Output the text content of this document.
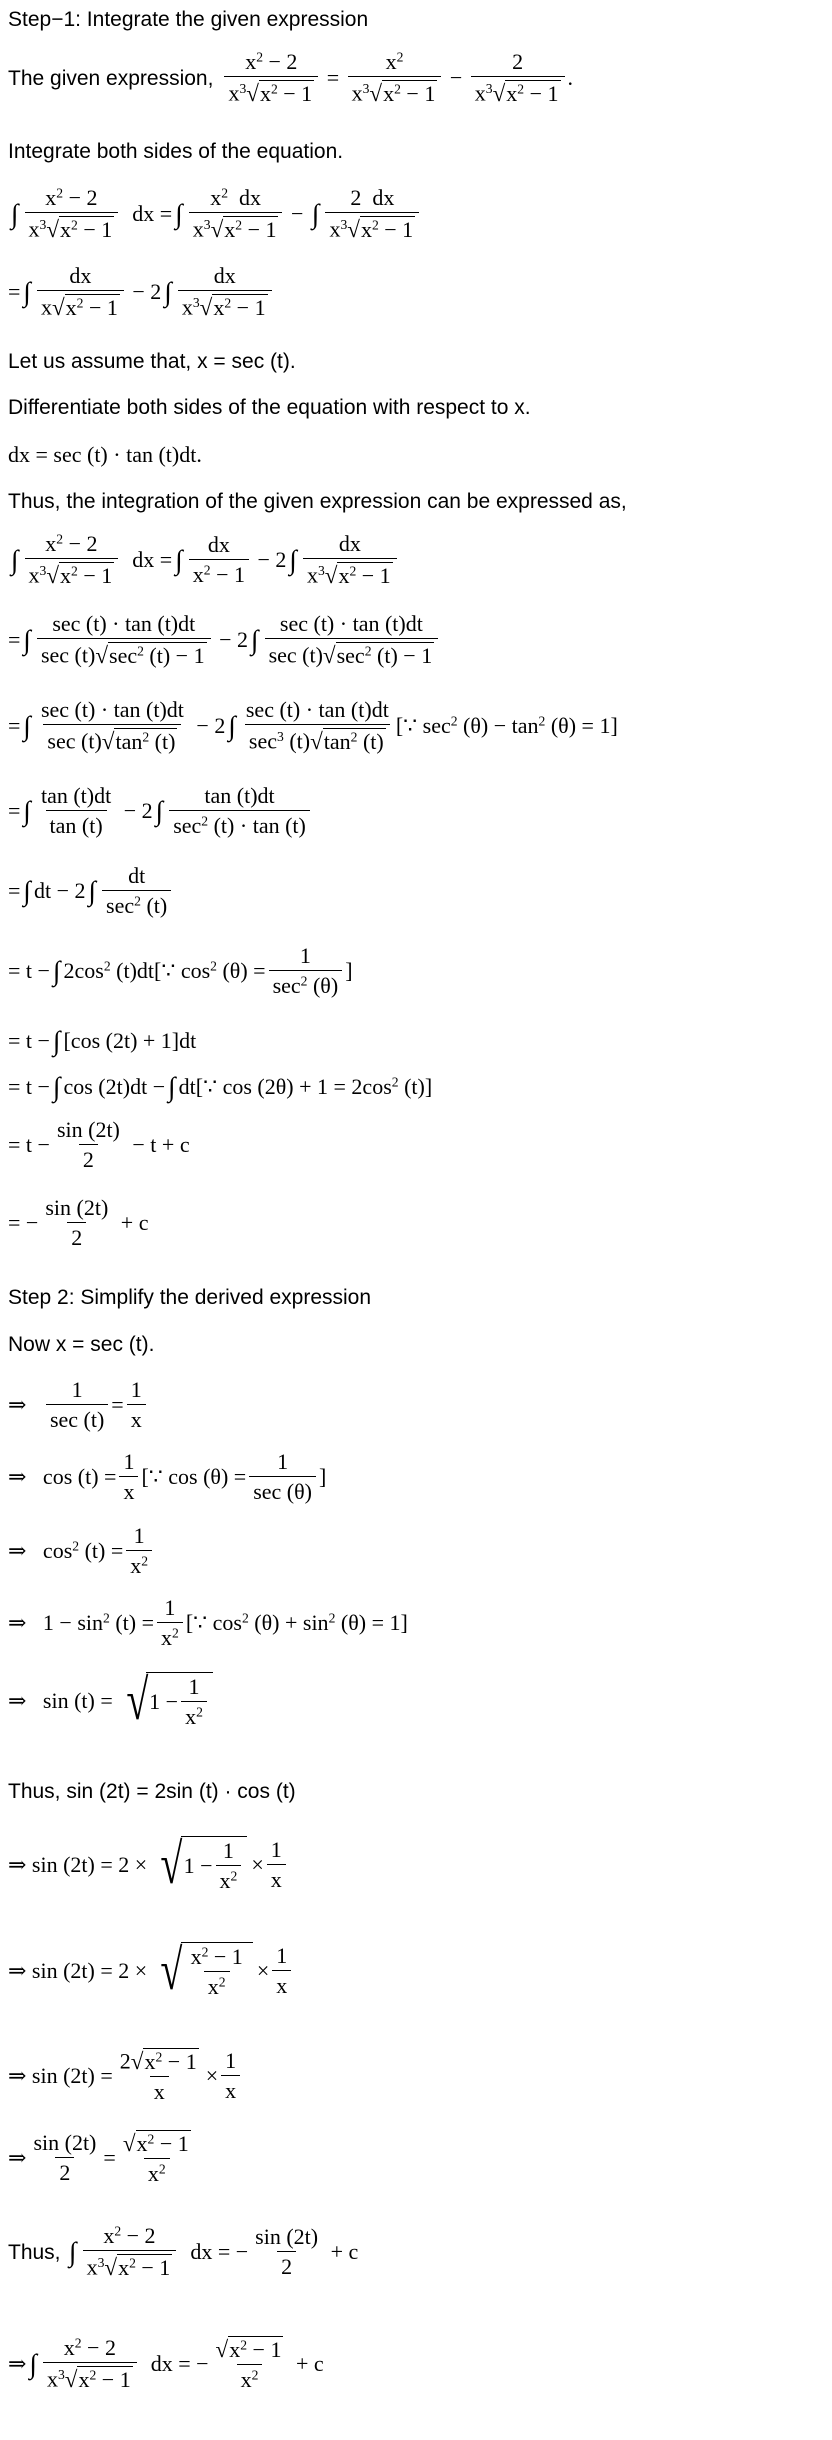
Step−1: Integrate the given expression
The given expression, $\frac{x^2 - 2}{x^3 √ x^2 - 1} = \frac{x^2}{x^3 √ x^2 - 1} - \frac{2}{x^3 √ x^2 - 1}$ .
Integrate both sides of the equation.
∫ $\frac{x^2 - 2}{x^3 √ x^2 - 1}$ dx = ∫ $\frac{x^2 dx}{x^3 √ x^2 - 1}$ − ∫ $\frac{2 dx}{x^3 √ x^2 - 1}$
= ∫ $\frac{dx}{x √ x^2 - 1} - 2$ ∫ $\frac{dx}{x^3 √ x^2 - 1}$
Let us assume that, x = sec (t).
Differentiate both sides of the equation with respect to x.
dx = sec (t) · tan (t)dt.
Thus, the integration of the given expression can be expressed as,
∫ $\frac{x^2 - 2}{x^3 √ x^2 - 1}$ dx = ∫ $\frac{dx}{x^2 - 1} - 2$ ∫ $\frac{dx}{x^3 √ x^2 - 1}$
= ∫ $\frac{\sec (t) \cdot \tan (t)dt}{\sec (t) √ \sec^2 (t) - 1} - 2$ ∫ $\frac{\sec (t) \cdot \tan (t)dt}{\sec (t) √ \sec^2 (t) - 1}$
= ∫ $\frac{\sec (t) \cdot \tan (t)dt}{\sec (t) √ \tan^2 (t)} - 2$ ∫ $\frac{\sec (t) \cdot \tan (t)dt}{\sec^3 (t) √ \tan^2 (t)}$ [∵ $\sec^2 (\theta) - \tan^2 (\theta) = 1$]
= ∫ $\frac{\tan (t)dt}{\tan (t)} - 2$ ∫ $\frac{\tan (t)dt}{\sec^2 (t) \cdot \tan (t)}$
= ∫ dt − 2 ∫ $\frac{dt}{\sec^2 (t)}$
= t − ∫ $2\cos^2$ (t)dt[∵ $\cos^2 (\theta) = \frac{1}{\sec^2 (\theta)}$ ]
= t − ∫ [cos (2t) + 1]dt
= t − ∫ cos (2t)dt − ∫ dt[∵ $\cos (2\theta) + 1 = 2\cos^2$ (t)]
= $t - \frac{\sin (2t)}{2} - t + c$
= − $\frac{\sin (2t)}{2} + c$
Step 2: Simplify the derived expression
Now x = sec (t).
⇒ $\frac{1}{\sec (t)} = \frac{1}{x}$
⇒   $\cos (t) = \frac{1}{x}$ [∵ $\cos (\theta) = \frac{1}{\sec (\theta)}$ ]
⇒   $\cos^2 (t) = \frac{1}{x^2}$
⇒   $1 - \sin^2 (t) = \frac{1}{x^2}$ [∵ $\cos^2 (\theta) + \sin^2 (\theta) = 1$]
⇒   sin (t) = √ $1 - \frac{1}{x^2}$
Thus, sin (2t) = 2sin (t) · cos (t)
⇒ sin (2t) = 2 × √ $1 - \frac{1}{x^2} \times \frac{1}{x}$
⇒ sin (2t) = 2 × √ $\frac{x^2 - 1}{x^2} \times \frac{1}{x}$
⇒ $\sin (2t) = \frac{2 √ x^2 - 1}{x} \times \frac{1}{x}$
⇒ $\frac{\sin (2t)}{2} = \frac{√ x^2 - 1}{x^2}$
Thus,
∫ $\frac{x^2 - 2}{x^3 √ x^2 - 1}$ dx = − $\frac{\sin (2t)}{2} + c$
⇒ ∫ $\frac{x^2 - 2}{x^3 √ x^2 - 1}$ dx = − $\frac{√ x^2 - 1}{x^2} + c$
